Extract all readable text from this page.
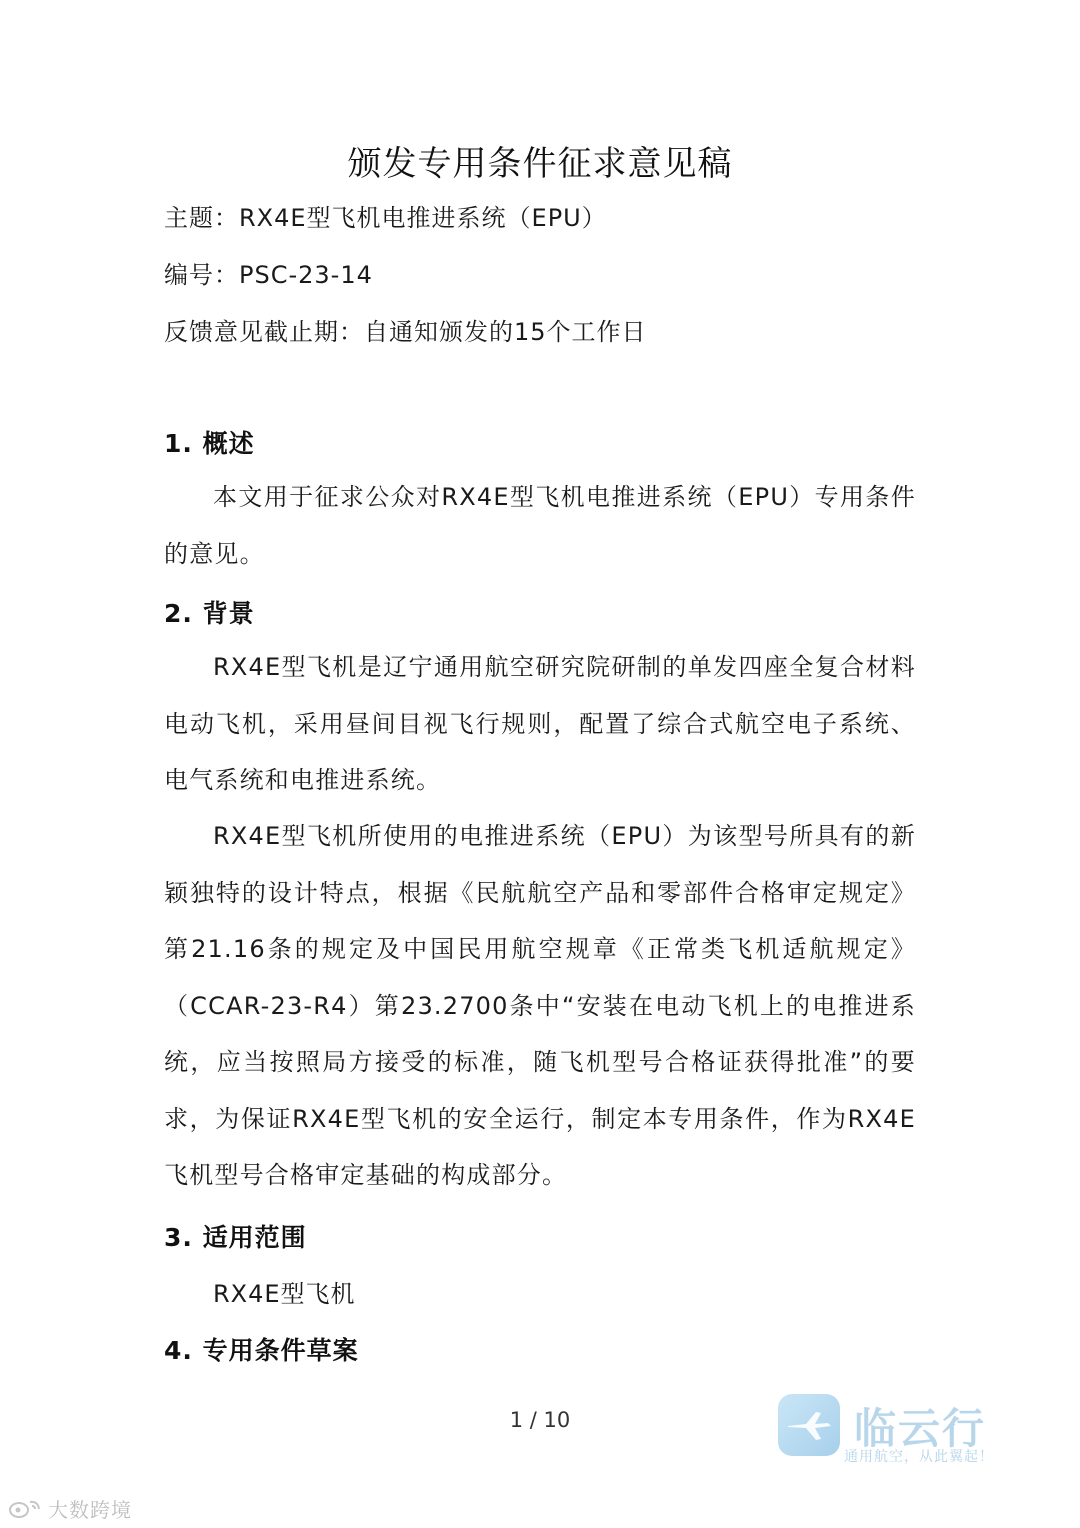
颁发专用条件征求意见稿
主题：RX4E型飞机电推进系统（EPU）
编号：PSC-23-14
反馈意见截止期：自通知颁发的15个工作日
1. 概述
本文用于征求公众对RX4E型飞机电推进系统（EPU）专用条件的意见。
2. 背景
RX4E型飞机是辽宁通用航空研究院研制的单发四座全复合材料电动飞机，采用昼间目视飞行规则，配置了综合式航空电子系统、电气系统和电推进系统。
RX4E型飞机所使用的电推进系统（EPU）为该型号所具有的新颖独特的设计特点，根据《民航航空产品和零部件合格审定规定》第21.16条的规定及中国民用航空规章《正常类飞机适航规定》（CCAR-23-R4）第23.2700条中“安装在电动飞机上的电推进系统，应当按照局方接受的标准，随飞机型号合格证获得批准”的要求，为保证RX4E型飞机的安全运行，制定本专用条件，作为RX4E飞机型号合格审定基础的构成部分。
3. 适用范围
RX4E型飞机
4. 专用条件草案
1 / 10	临云行
通用航空，从此翼起！
大数跨境
